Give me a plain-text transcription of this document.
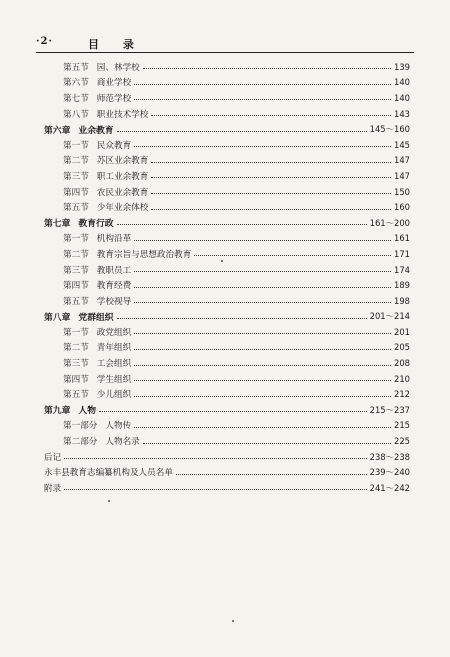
·2·	目 录
第五节 园、林学校	139
第六节 商业学校	140
第七节 师范学校	140
第八节 职业技术学校	143
第六章 业余教育	145～160
第一节 民众教育	145
第二节 苏区业余教育	147
第三节 职工业余教育	147
第四节 农民业余教育	150
第五节 少年业余体校	160
第七章 教育行政	161～200
第一节 机构沿革	161
第二节 教育宗旨与思想政治教育	171
第三节 教职员工	174
第四节 教育经费	189
第五节 学校视导	198
第八章 党群组织	201～214
第一节 政党组织	201
第二节 青年组织	205
第三节 工会组织	208
第四节 学生组织	210
第五节 少儿组织	212
第九章 人物	215～237
第一部分 人物传	215
第二部分 人物名录	225
后记	238～238
永丰县教育志编纂机构及人员名单	239～240
附录	241～242
